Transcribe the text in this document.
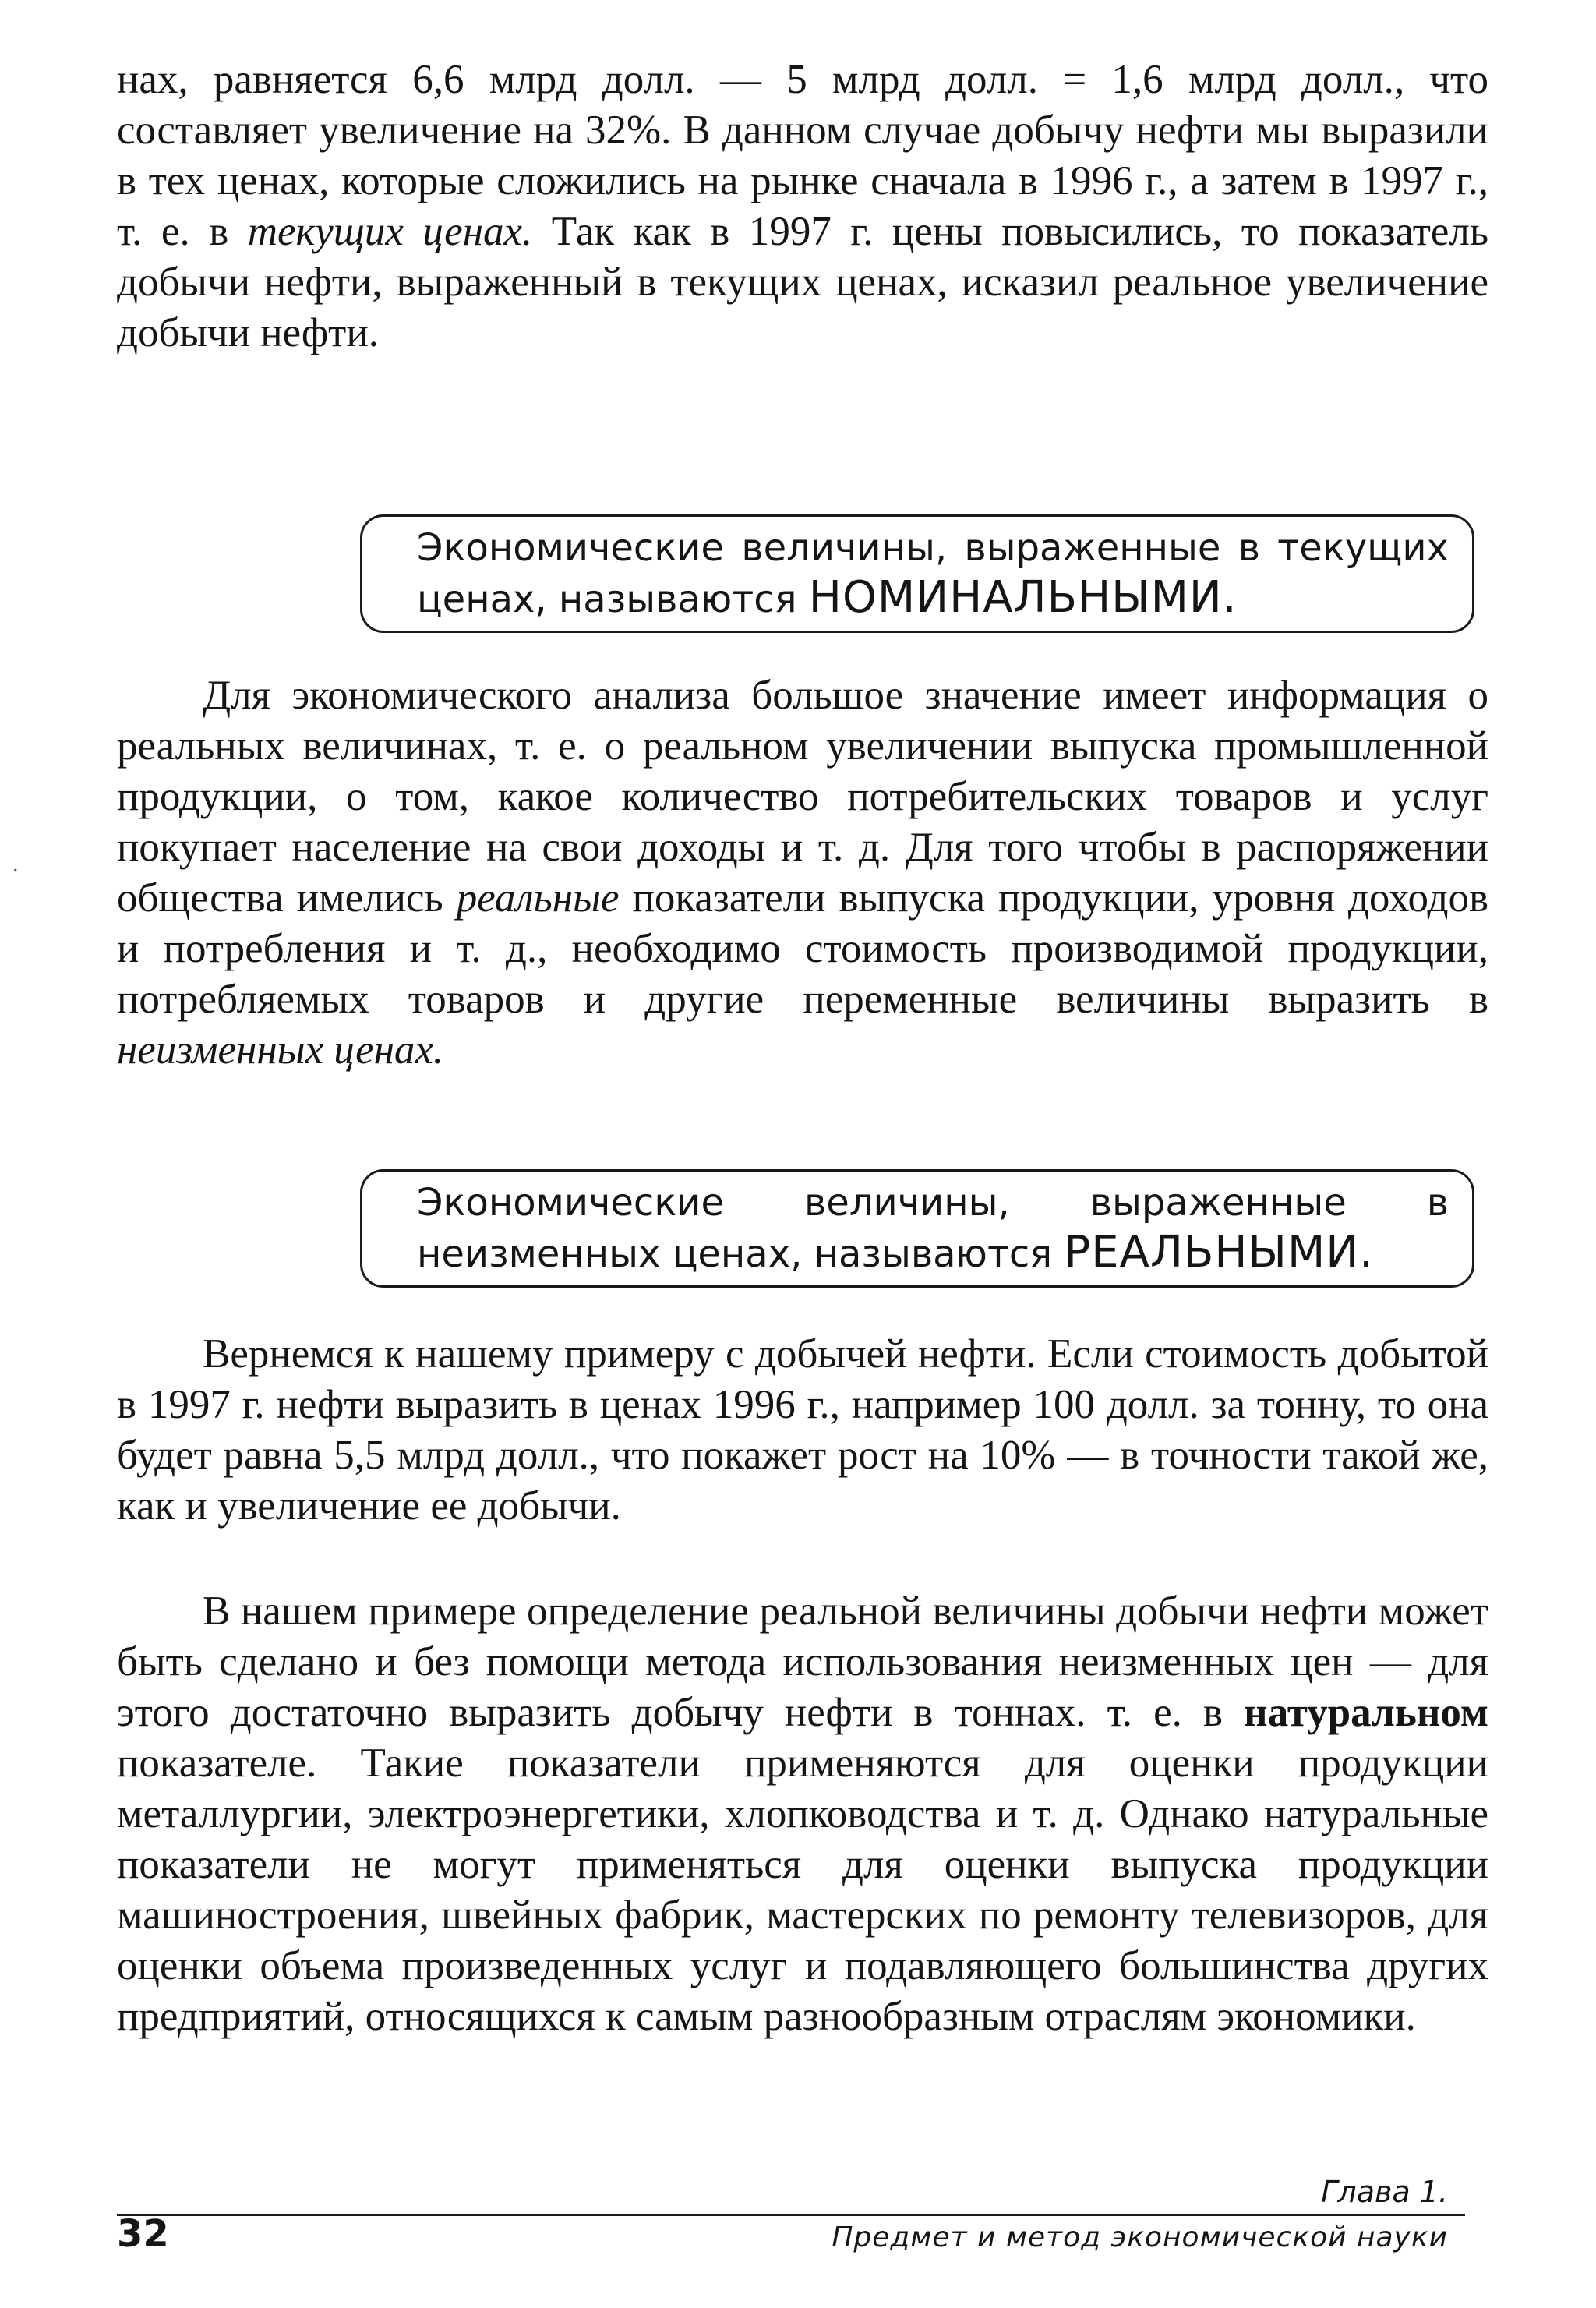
нах, равняется 6,6 млрд долл. — 5 млрд долл. = 1,6 млрд долл., что составляет увеличение на 32%. В данном случае добычу нефти мы выразили в тех ценах, которые сложились на рынке сначала в 1996 г., а затем в 1997 г., т. е. в текущих ценах. Так как в 1997 г. цены повысились, то показатель добычи нефти, выраженный в текущих ценах, исказил реальное увеличение добычи нефти.

Экономические величины, выраженные в текущих ценах, называются НОМИНАЛЬНЫМИ.

Для экономического анализа большое значение имеет информация о реальных величинах, т. е. о реальном увеличении выпуска промышленной продукции, о том, какое количество потребительских товаров и услуг покупает население на свои доходы и т. д. Для того чтобы в распоряжении общества имелись реальные показатели выпуска продукции, уровня доходов и потребления и т. д., необходимо стоимость производимой продукции, потребляемых товаров и другие переменные величины выразить в неизменных ценах.

Экономические величины, выраженные в неизменных ценах, называются РЕАЛЬНЫМИ.

Вернемся к нашему примеру с добычей нефти. Если стоимость добытой в 1997 г. нефти выразить в ценах 1996 г., например 100 долл. за тонну, то она будет равна 5,5 млрд долл., что покажет рост на 10% — в точности такой же, как и увеличение ее добычи.

В нашем примере определение реальной величины добычи нефти может быть сделано и без помощи метода использования неизменных цен — для этого достаточно выразить добычу нефти в тоннах. т. е. в натуральном показателе. Такие показатели применяются для оценки продукции металлургии, электроэнергетики, хлопководства и т. д. Однако натуральные показатели не могут применяться для оценки выпуска продукции машиностроения, швейных фабрик, мастерских по ремонту телевизоров, для оценки объема произведенных услуг и подавляющего большинства других предприятий, относящихся к самым разнообразным отраслям экономики.

.
Глава 1.
32	Предмет и метод экономической науки
